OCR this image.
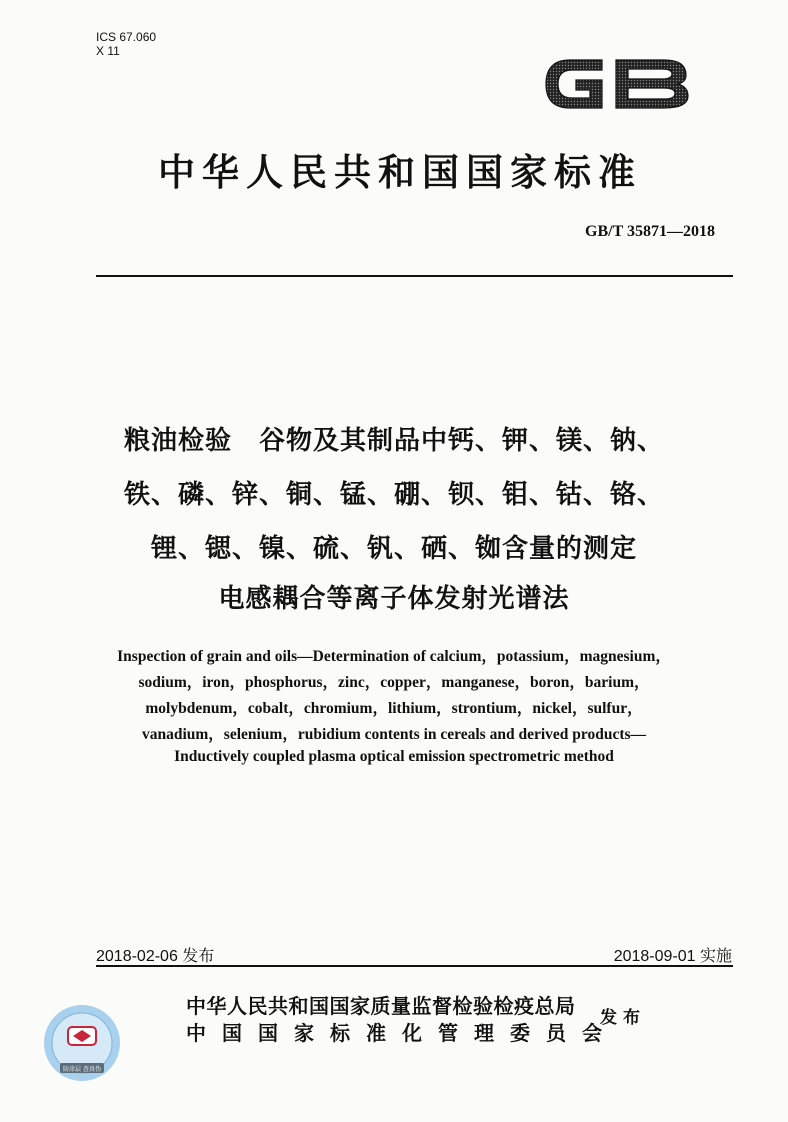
ICS 67.060
X 11
中华人民共和国国家标准
GB/T 35871—2018
粮油检验　谷物及其制品中钙、钾、镁、钠、
铁、磷、锌、铜、锰、硼、钡、钼、钴、铬、
锂、锶、镍、硫、钒、硒、铷含量的测定
电感耦合等离子体发射光谱法
Inspection of grain and oils—Determination of calcium，potassium，magnesium，
sodium，iron，phosphorus，zinc，copper，manganese，boron，barium，
molybdenum，cobalt，chromium，lithium，strontium，nickel，sulfur，
vanadium，selenium，rubidium contents in cereals and derived products—
Inductively coupled plasma optical emission spectrometric method
2018-02-06 发布	2018-09-01 实施
防涂层 查真伪
中华人民共和国国家质量监督检验检疫总局
中国国家标准化管理委员会
发布
